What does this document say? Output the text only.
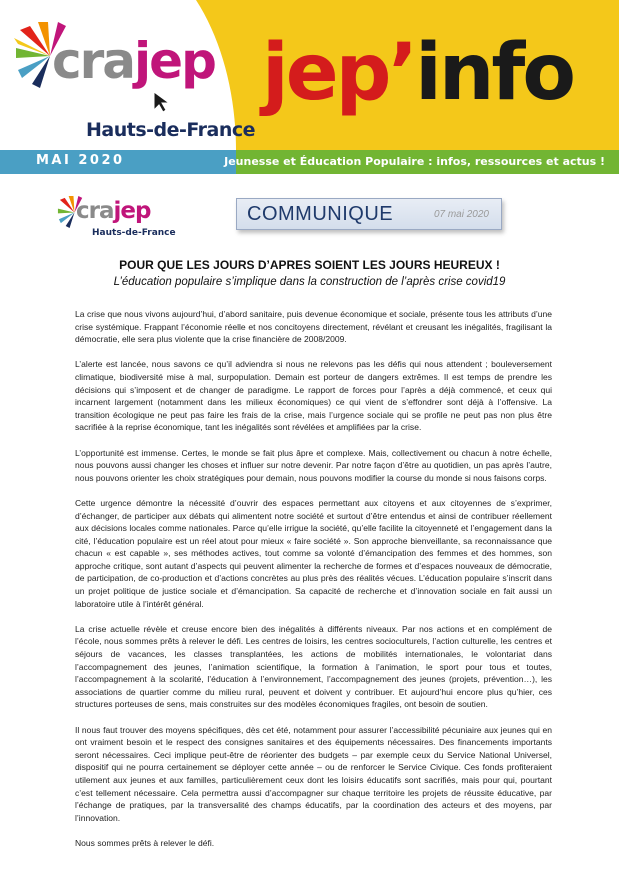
crajep
Hauts-de-France
jep’info
MAI 2020	Jeunesse et Éducation Populaire : infos, ressources et actus !
crajep
Hauts-de-France
COMMUNIQUE	07 mai 2020
POUR QUE LES JOURS D’APRES SOIENT LES JOURS HEUREUX !
L’éducation populaire s’implique dans la construction de l’après crise covid19

La crise que nous vivons aujourd’hui, d’abord sanitaire, puis devenue économique et sociale, présente tous les attributs d’une crise systémique. Frappant l’économie réelle et nos concitoyens directement, révélant et creusant les inégalités, fragilisant la démocratie, elle sera plus violente que la crise financière de 2008/2009.

L’alerte est lancée, nous savons ce qu’il adviendra si nous ne relevons pas les défis qui nous attendent ; bouleversement climatique, biodiversité mise à mal, surpopulation. Demain est porteur de dangers extrêmes. Il est temps de prendre les décisions qui s’imposent et de changer de paradigme. Le rapport de forces pour l’après a déjà commencé, et ceux qui incarnent largement (notamment dans les milieux économiques) ce qui vient de s’effondrer sont déjà à l’offensive. La transition écologique ne peut pas faire les frais de la crise, mais l’urgence sociale qui se profile ne peut pas non plus être sacrifiée à la reprise économique, tant les inégalités sont révélées et amplifiées par la crise.

L’opportunité est immense. Certes, le monde se fait plus âpre et complexe. Mais, collectivement ou chacun à notre échelle, nous pouvons aussi changer les choses et influer sur notre devenir. Par notre façon d’être au quotidien, un pas après l’autre, nous pouvons orienter les choix stratégiques pour demain, nous pouvons modifier la course du monde si nous faisons corps.

Cette urgence démontre la nécessité d’ouvrir des espaces permettant aux citoyens et aux citoyennes de s’exprimer, d’échanger, de participer aux débats qui alimentent notre société et surtout d’être entendus et ainsi de contribuer réellement aux décisions locales comme nationales. Parce qu’elle irrigue la société, qu’elle facilite la citoyenneté et l’engagement dans la cité, l’éducation populaire est un réel atout pour mieux « faire société ». Son approche bienveillante, sa reconnaissance que chacun « est capable », ses méthodes actives, tout comme sa volonté d’émancipation des femmes et des hommes, son approche critique, sont autant d’aspects qui peuvent alimenter la recherche de formes et d’espaces nouveaux de démocratie, de participation, de co-production et d’actions concrètes au plus près des réalités vécues. L’éducation populaire s’inscrit dans un projet politique de justice sociale et d’émancipation. Sa capacité de recherche et d’innovation sociale en fait aussi un laboratoire utile à l’intérêt général.

La crise actuelle révèle et creuse encore bien des inégalités à différents niveaux. Par nos actions et en complément de l’école, nous sommes prêts à relever le défi. Les centres de loisirs, les centres socioculturels, l’action culturelle, les centres et séjours de vacances, les classes transplantées, les actions de mobilités internationales, le volontariat dans l’accompagnement des jeunes, l’animation scientifique, la formation à l’animation, le sport pour tous et toutes, l’accompagnement à la scolarité, l’éducation à l’environnement, l’accompagnement des jeunes (projets, prévention…), les associations de quartier comme du milieu rural, peuvent et doivent y contribuer. Et aujourd’hui encore plus qu’hier, ces structures porteuses de sens, mais construites sur des modèles économiques fragiles, ont besoin de soutien.

Il nous faut trouver des moyens spécifiques, dès cet été, notamment pour assurer l’accessibilité pécuniaire aux jeunes qui en ont vraiment besoin et le respect des consignes sanitaires et des équipements nécessaires. Des financements importants seront nécessaires. Ceci implique peut-être de réorienter des budgets – par exemple ceux du Service National Universel, dispositif qui ne pourra certainement se déployer cette année – ou de renforcer le Service Civique. Ces fonds profiteraient utilement aux jeunes et aux familles, particulièrement ceux dont les loisirs éducatifs sont sacrifiés, mais pour qui, pourtant c’est tellement nécessaire. Cela permettra aussi d’accompagner sur chaque territoire les projets de réussite éducative, par l’échange de pratiques, par la transversalité des champs éducatifs, par la coordination des acteurs et des moyens, par l’innovation.

Nous sommes prêts à relever le défi.
